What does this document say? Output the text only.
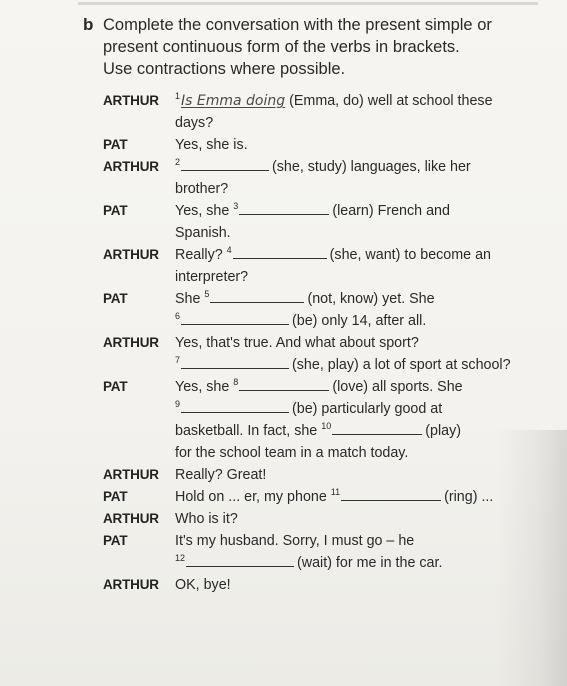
b Complete the conversation with the present simple or
present continuous form of the verbs in brackets.
Use contractions where possible.
ARTHUR $^1$Is Emma doing (Emma, do) well at school these
days?
PAT	Yes, she is.
ARTHUR $^2$	(she, study) languages, like her
brother?
PAT	Yes, she $^3$	(learn) French and
Spanish.
ARTHUR Really? $^4$	(she, want) to become an
interpreter?
PAT	She $^5$	(not, know) yet. She
$^6$	(be) only 14, after all.
ARTHUR Yes, that's true. And what about sport?
$^7$	(she, play) a lot of sport at school?
PAT	Yes, she $^8$	(love) all sports. She
$^9$	(be) particularly good at
basketball. In fact, she $^{10}$	(play)
for the school team in a match today.
ARTHUR Really? Great!
PAT	Hold on ... er, my phone $^{11}$	(ring) ...
ARTHUR Who is it?
PAT	It's my husband. Sorry, I must go – he
$^{12}$	(wait) for me in the car.
ARTHUR OK, bye!
